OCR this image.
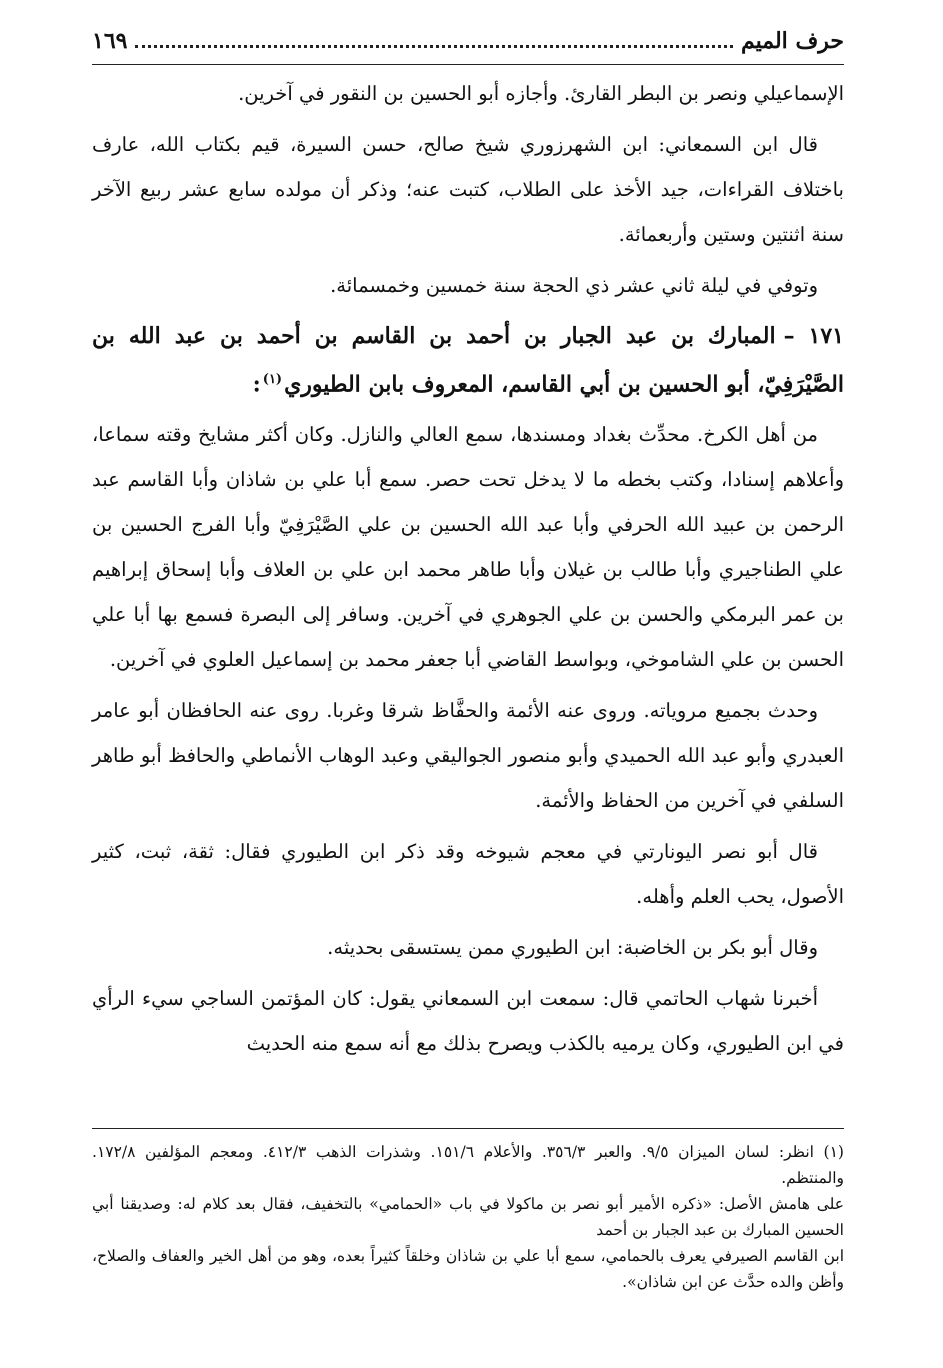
حرف الميم
١٦٩

الإسماعيلي ونصر بن البطر القارئ. وأجازه أبو الحسين بن النقور في آخرين.

قال ابن السمعاني: ابن الشهرزوري شيخ صالح، حسن السيرة، قيم بكتاب الله، عارف باختلاف القراءات، جيد الأخذ على الطلاب، كتبت عنه؛ وذكر أن مولده سابع عشر ربيع الآخر سنة اثنتين وستين وأربعمائة.

وتوفي في ليلة ثاني عشر ذي الحجة سنة خمسين وخمسمائة.

١٧١ –المبارك بن عبد الجبار بن أحمد بن القاسم بن أحمد بن عبد الله بن الصَّيْرَفِيّ، أبو الحسين بن أبي القاسم، المعروف بابن الطيوري$^{(١)}$:

من أهل الكرخ. محدِّث بغداد ومسندها، سمع العالي والنازل. وكان أكثر مشايخ وقته سماعا، وأعلاهم إسنادا، وكتب بخطه ما لا يدخل تحت حصر. سمع أبا علي بن شاذان وأبا القاسم عبد الرحمن بن عبيد الله الحرفي وأبا عبد الله الحسين بن علي الصَّيْرَفِيّ وأبا الفرج الحسين بن علي الطناجيري وأبا طالب بن غيلان وأبا طاهر محمد ابن علي بن العلاف وأبا إسحاق إبراهيم بن عمر البرمكي والحسن بن علي الجوهري في آخرين. وسافر إلى البصرة فسمع بها أبا علي الحسن بن علي الشاموخي، وبواسط القاضي أبا جعفر محمد بن إسماعيل العلوي في آخرين.

وحدث بجميع مروياته. وروى عنه الأئمة والحفَّاظ شرقا وغربا. روى عنه الحافظان أبو عامر العبدري وأبو عبد الله الحميدي وأبو منصور الجواليقي وعبد الوهاب الأنماطي والحافظ أبو طاهر السلفي في آخرين من الحفاظ والأئمة.

قال أبو نصر اليونارتي في معجم شيوخه وقد ذكر ابن الطيوري فقال: ثقة، ثبت، كثير الأصول، يحب العلم وأهله.

وقال أبو بكر بن الخاضبة: ابن الطيوري ممن يستسقى بحديثه.

أخبرنا شهاب الحاتمي قال: سمعت ابن السمعاني يقول: كان المؤتمن الساجي سيء الرأي في ابن الطيوري، وكان يرميه بالكذب ويصرح بذلك مع أنه سمع منه الحديث

(١) انظر: لسان الميزان ٩/٥. والعبر ٣٥٦/٣. والأعلام ١٥١/٦. وشذرات الذهب ٤١٢/٣. ومعجم المؤلفين ١٧٢/٨. والمنتظم.

على هامش الأصل: «ذكره الأمير أبو نصر بن ماكولا في باب «الحمامي» بالتخفيف، فقال بعد كلام له: وصديقنا أبي الحسين المبارك بن عبد الجبار بن أحمد

ابن القاسم الصيرفي يعرف بالحمامي، سمع أبا علي بن شاذان وخلقاً كثيراً بعده، وهو من أهل الخير والعفاف والصلاح، وأظن والده حدَّث عن ابن شاذان».
